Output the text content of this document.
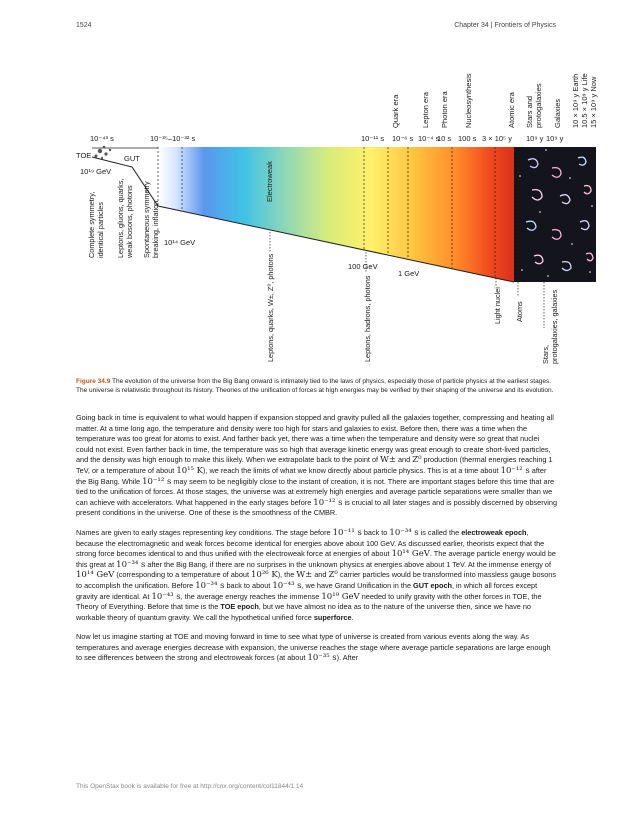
1524	Chapter 34 | Frontiers of Physics
Quark era	Lepton era Photon era Nucleosynthesis	Atomic era Stars and protogalaxies Galaxies 10 × 10⁹ y Earth 10.5 × 10⁹ y Life 15 × 10⁹ y Now
10⁻⁴³ s	10⁻³⁵–10⁻³² s	10⁻¹¹ s 10⁻⁶ s 10⁻⁴ s
10 s 100 s 3 × 10⁵ y 10⁹ y 10⁹ y
TOE	GUT
10¹⁹ GeV
10¹⁴ GeV
100 GeV
1 GeV
Electroweak
Complete symmetry, identical particles Leptons, gluons, quarks, weak bosons, photons Spontaneous symmetry breaking, inflation
Leptons, quarks, W±, Z⁰, photons	Leptons, hadrons, photons	Light nuclei Atoms
Stars, protogalaxies, galaxies
Figure 34.9 The evolution of the universe from the Big Bang onward is intimately tied to the laws of physics, especially those of particle physics at the earliest stages. The universe is relativistic throughout its history. Theories of the unification of forces at high energies may be verified by their shaping of the universe and its evolution.

Going back in time is equivalent to what would happen if expansion stopped and gravity pulled all the galaxies together, compressing and heating all matter. At a time long ago, the temperature and density were too high for stars and galaxies to exist. Before then, there was a time when the temperature was too great for atoms to exist. And farther back yet, there was a time when the temperature and density were so great that nuclei could not exist. Even farther back in time, the temperature was so high that average kinetic energy was great enough to create short-lived particles, and the density was high enough to make this likely. When we extrapolate back to the point of W± and Z⁰ production (thermal energies reaching 1 TeV, or a temperature of about 10¹⁵ K), we reach the limits of what we know directly about particle physics. This is at a time about 10⁻¹² s after the Big Bang. While 10⁻¹² s may seem to be negligibly close to the instant of creation, it is not. There are important stages before this time that are tied to the unification of forces. At those stages, the universe was at extremely high energies and average particle separations were smaller than we can achieve with accelerators. What happened in the early stages before 10⁻¹² s is crucial to all later stages and is possibly discerned by observing present conditions in the universe. One of these is the smoothness of the CMBR.

Names are given to early stages representing key conditions. The stage before 10⁻¹¹ s back to 10⁻³⁴ s is called the electroweak epoch, because the electromagnetic and weak forces become identical for energies above about 100 GeV. As discussed earlier, theorists expect that the strong force becomes identical to and thus unified with the electroweak force at energies of about 10¹⁴ GeV. The average particle energy would be this great at 10⁻³⁴ s after the Big Bang, if there are no surprises in the unknown physics at energies above about 1 TeV. At the immense energy of 10¹⁴ GeV (corresponding to a temperature of about 10²⁶ K), the W± and Z⁰ carrier particles would be transformed into massless gauge bosons to accomplish the unification. Before 10⁻³⁴ s back to about 10⁻⁴³ s, we have Grand Unification in the GUT epoch, in which all forces except gravity are identical. At 10⁻⁴³ s, the average energy reaches the immense 10¹⁹ GeV needed to unify gravity with the other forces in TOE, the Theory of Everything. Before that time is the TOE epoch, but we have almost no idea as to the nature of the universe then, since we have no workable theory of quantum gravity. We call the hypothetical unified force superforce.

Now let us imagine starting at TOE and moving forward in time to see what type of universe is created from various events along the way. As temperatures and average energies decrease with expansion, the universe reaches the stage where average particle separations are large enough to see differences between the strong and electroweak forces (at about 10⁻³⁵ s). After

This OpenStax book is available for free at http://cnx.org/content/col11844/1.14
